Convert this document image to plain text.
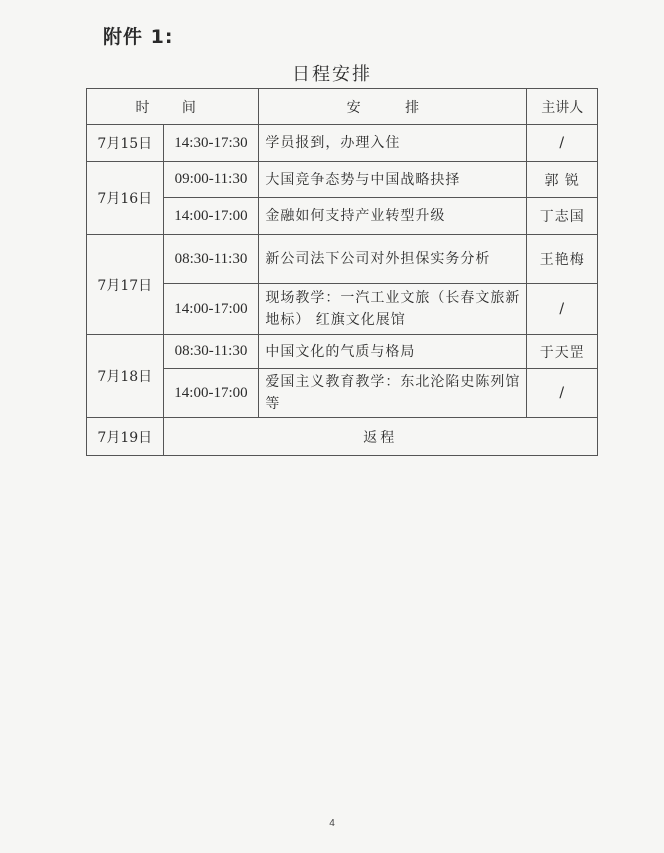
附件 1:
日程安排
时 间		安 排	主讲人
7月15日	14:30-17:30	学员报到，办理入住	/
7月16日	09:00-11:30	大国竞争态势与中国战略抉择	郭 锐
	14:00-17:00	金融如何支持产业转型升级	丁志国
7月17日	08:30-11:30	新公司法下公司对外担保实务分析	王艳梅
	14:00-17:00	现场教学：一汽工业文旅（长春文旅新地标） 红旗文化展馆	/
7月18日	08:30-11:30	中国文化的气质与格局	于天罡
	14:00-17:00	爱国主义教育教学：东北沦陷史陈列馆等	/
7月19日	返程		
4
